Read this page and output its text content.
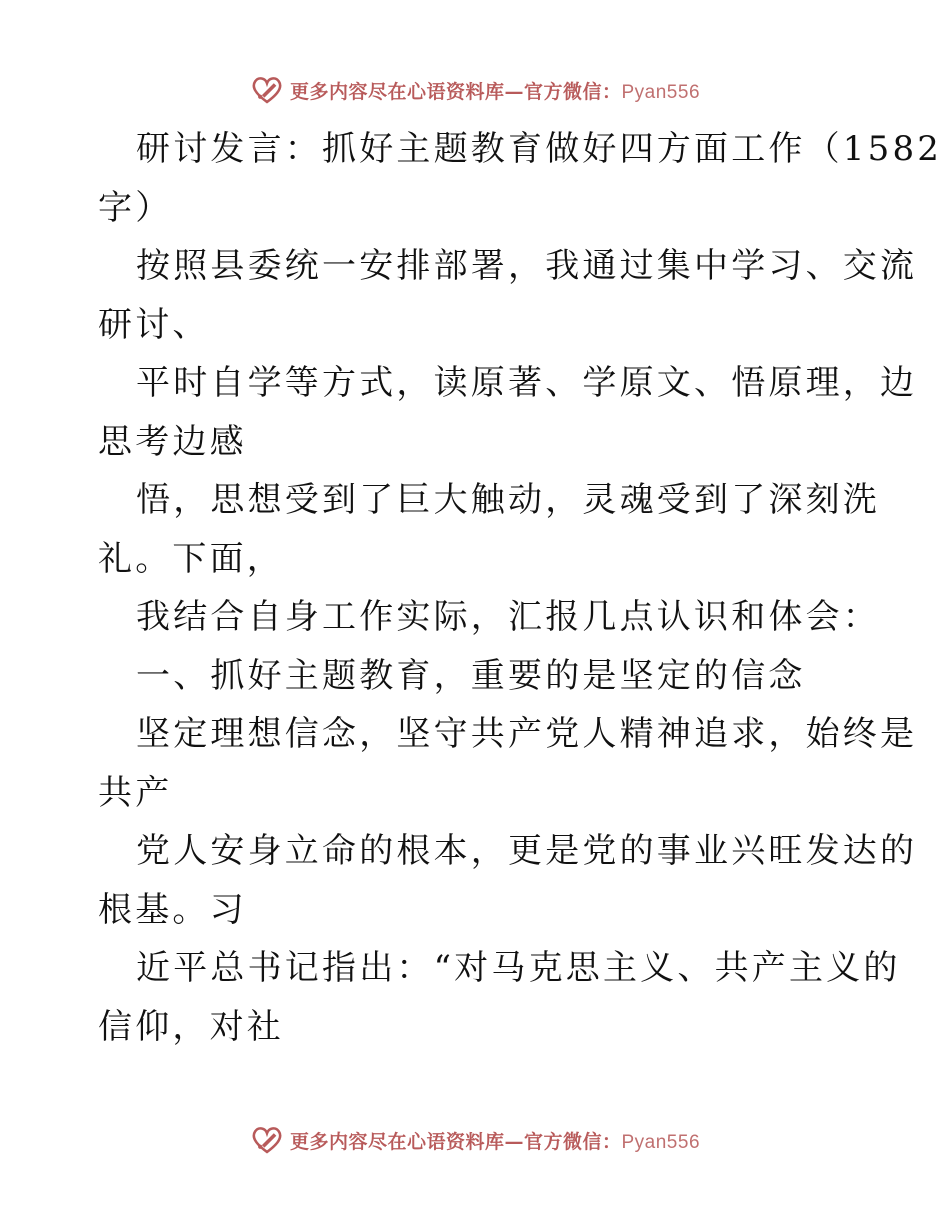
更多内容尽在心语资料库—官方微信：Pyan556
研讨发言：抓好主题教育做好四方面工作（1582
字）
按照县委统一安排部署，我通过集中学习、交流
研讨、
平时自学等方式，读原著、学原文、悟原理，边
思考边感
悟，思想受到了巨大触动，灵魂受到了深刻洗
礼。下面，
我结合自身工作实际，汇报几点认识和体会：
一、抓好主题教育，重要的是坚定的信念
坚定理想信念，坚守共产党人精神追求，始终是
共产
党人安身立命的根本，更是党的事业兴旺发达的
根基。习
近平总书记指出：“对马克思主义、共产主义的
信仰，对社
更多内容尽在心语资料库—官方微信：Pyan556
